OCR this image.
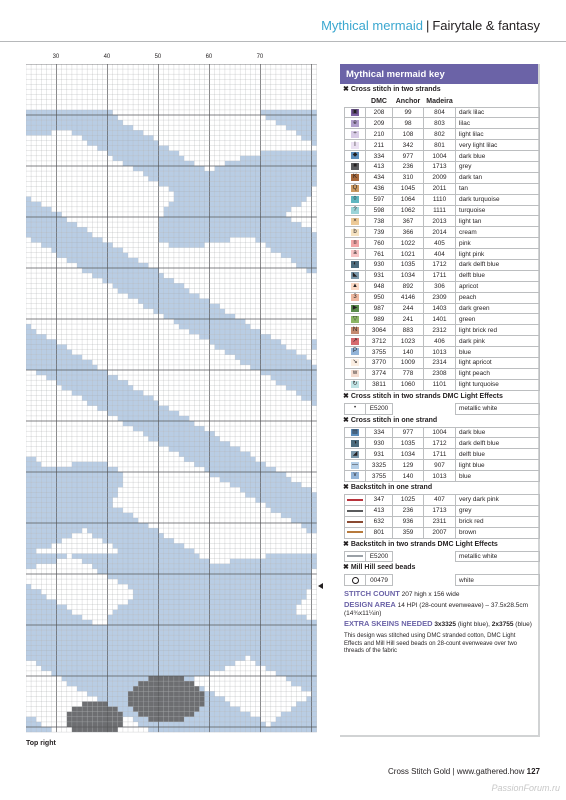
Mythical mermaid | Fairytale & fantasy
30	40	50	60	70
Top right
Mythical mermaid key
✖ Cross stitch in two strands
	DMC	Anchor	Madeira	
▣	208	99	804	dark lilac
e	209	98	803	lilac
÷	210	108	802	light lilac
I	211	342	801	very light lilac
◆	334	977	1004	dark blue
■	413	236	1713	grey
K	434	310	2009	dark tan
Q	436	1045	2011	tan
◊	597	1064	1110	dark turquoise
?	598	1062	1111	turquoise
×	738	367	2013	light tan
b	739	366	2014	cream
¤	760	1022	405	pink
a	761	1021	404	light pink
◐	930	1035	1712	dark delft blue
◣	931	1034	1711	delft blue
▲	948	892	306	apricot
3	950	4146	2309	peach
▶	987	244	1403	dark green
▽	989	241	1401	green
N	3064	883	2312	light brick red
↗	3712	1023	406	dark pink
P	3755	140	1013	blue
↘	3770	1009	2314	light apricot
w	3774	778	2308	light peach
↻	3811	1060	1101	light turquoise
✖ Cross stitch in two strands DMC Light Effects
•	E5200			metallic white
✖ Cross stitch in one strand
▤	334	977	1004	dark blue
◑	930	1035	1712	dark delft blue
◢	931	1034	1711	delft blue
—	3325	129	907	light blue
v	3755	140	1013	blue
✖ Backstitch in one strand
	347	1025	407	very dark pink
	413	236	1713	grey
	632	936	2311	brick red
	801	359	2007	brown
✖ Backstitch in two strands DMC Light Effects
	E5200			metallic white
✖ Mill Hill seed beads
	00479			white

STITCH COUNT 207 high x 156 wide

DESIGN AREA 14 HPI (28-count evenweave) – 37.5x28.5cm (14¾x11¼in)

EXTRA SKEINS NEEDED 3x3325 (light blue), 2x3755 (blue)

This design was stitched using DMC stranded cotton, DMC Light Effects and Mill Hill seed beads on 28-count evenweave over two threads of the fabric
Cross Stitch Gold | www.gathered.how 127
PassionForum.ru
